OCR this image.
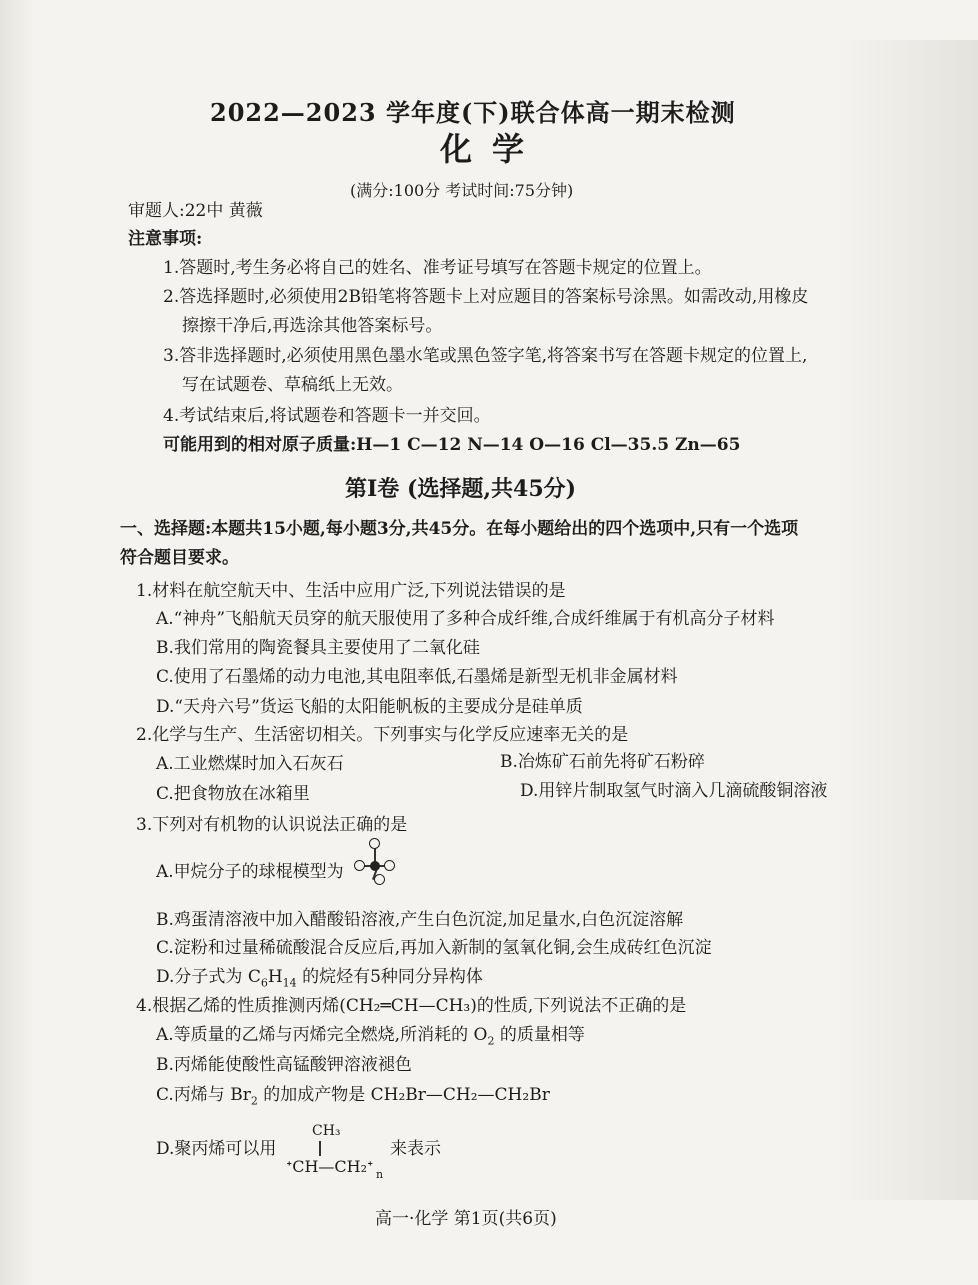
2022—2023 学年度(下)联合体高一期末检测
化学
(满分:100分 考试时间:75分钟)
审题人:22中 黄薇
注意事项:
1.答题时,考生务必将自己的姓名、准考证号填写在答题卡规定的位置上。
2.答选择题时,必须使用2B铅笔将答题卡上对应题目的答案标号涂黑。如需改动,用橡皮
擦擦干净后,再选涂其他答案标号。
3.答非选择题时,必须使用黑色墨水笔或黑色签字笔,将答案书写在答题卡规定的位置上,
写在试题卷、草稿纸上无效。
4.考试结束后,将试题卷和答题卡一并交回。
可能用到的相对原子质量:H—1 C—12 N—14 O—16 Cl—35.5 Zn—65
第Ⅰ卷 (选择题,共45分)
一、选择题:本题共15小题,每小题3分,共45分。在每小题给出的四个选项中,只有一个选项
符合题目要求。
1.材料在航空航天中、生活中应用广泛,下列说法错误的是
A.“神舟”飞船航天员穿的航天服使用了多种合成纤维,合成纤维属于有机高分子材料
B.我们常用的陶瓷餐具主要使用了二氧化硅
C.使用了石墨烯的动力电池,其电阻率低,石墨烯是新型无机非金属材料
D.“天舟六号”货运飞船的太阳能帆板的主要成分是硅单质
2.化学与生产、生活密切相关。下列事实与化学反应速率无关的是
A.工业燃煤时加入石灰石	B.冶炼矿石前先将矿石粉碎
C.把食物放在冰箱里	D.用锌片制取氢气时滴入几滴硫酸铜溶液
3.下列对有机物的认识说法正确的是
A.甲烷分子的球棍模型为
B.鸡蛋清溶液中加入醋酸铅溶液,产生白色沉淀,加足量水,白色沉淀溶解
C.淀粉和过量稀硫酸混合反应后,再加入新制的氢氧化铜,会生成砖红色沉淀
D.分子式为 $C_6H_{14}$ 的烷烃有5种同分异构体
4.根据乙烯的性质推测丙烯(CH₂═CH—CH₃)的性质,下列说法不正确的是
A.等质量的乙烯与丙烯完全燃烧,所消耗的 $O_2$ 的质量相等
B.丙烯能使酸性高锰酸钾溶液褪色
C.丙烯与 $Br_2$ 的加成产物是 CH₂Br—CH₂—CH₂Br
D.聚丙烯可以用
CH₃
ᐩCH—CH₂ᐩ n
来表示
高一·化学 第1页(共6页)
